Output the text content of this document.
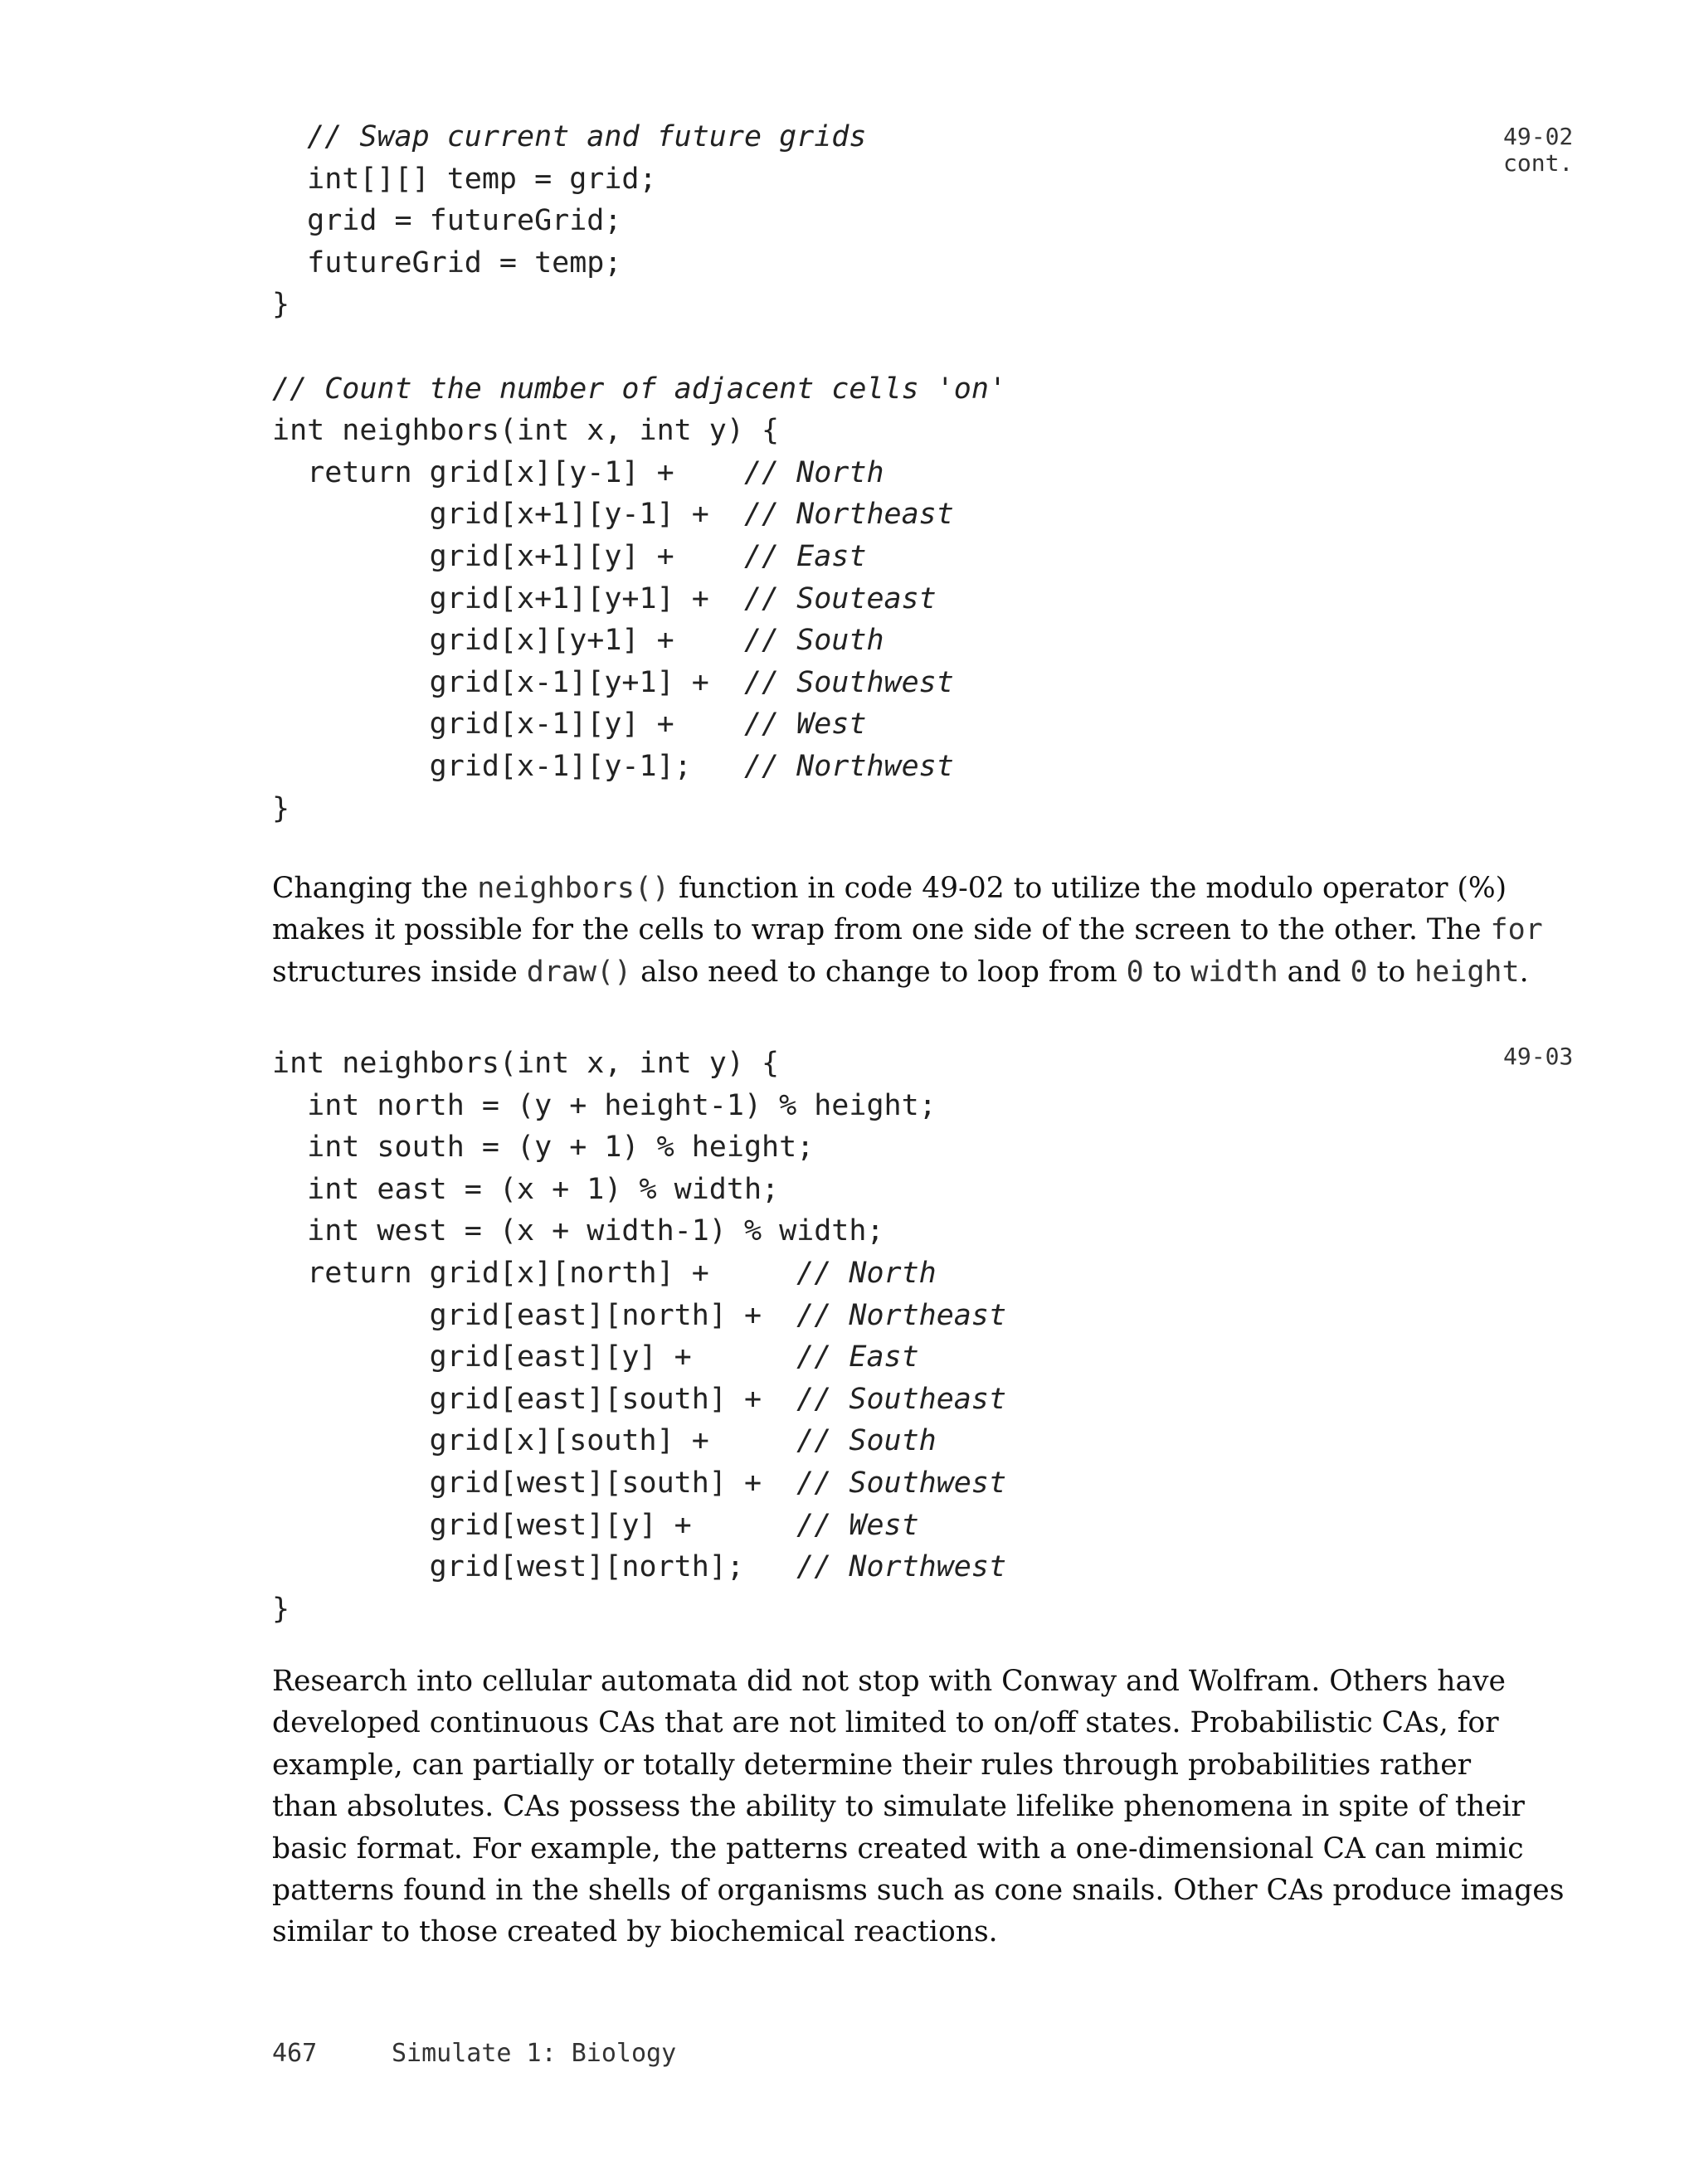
49-02
cont.
// Swap current and future grids
int[][] temp = grid;
grid = futureGrid;
futureGrid = temp;
}
// Count the number of adjacent cells 'on'
int neighbors(int x, int y) {
return grid[x][y-1] +    // North
grid[x+1][y-1] +  // Northeast
grid[x+1][y] +    // East
grid[x+1][y+1] +  // Souteast
grid[x][y+1] +    // South
grid[x-1][y+1] +  // Southwest
grid[x-1][y] +    // West
grid[x-1][y-1];   // Northwest
}

Changing the neighbors() function in code 49-02 to utilize the modulo operator (%)
makes it possible for the cells to wrap from one side of the screen to the other. The for
structures inside draw() also need to change to loop from 0 to width and 0 to height.

49-03
int neighbors(int x, int y) {
int north = (y + height-1) % height;
int south = (y + 1) % height;
int east = (x + 1) % width;
int west = (x + width-1) % width;
return grid[x][north] +     // North
grid[east][north] +  // Northeast
grid[east][y] +      // East
grid[east][south] +  // Southeast
grid[x][south] +     // South
grid[west][south] +  // Southwest
grid[west][y] +      // West
grid[west][north];   // Northwest
}

Research into cellular automata did not stop with Conway and Wolfram. Others have
developed continuous CAs that are not limited to on/off states. Probabilistic CAs, for
example, can partially or totally determine their rules through probabilities rather
than absolutes. CAs possess the ability to simulate lifelike phenomena in spite of their
basic format. For example, the patterns created with a one-dimensional CA can mimic
patterns found in the shells of organisms such as cone snails. Other CAs produce images
similar to those created by biochemical reactions.

467	Simulate 1: Biology
